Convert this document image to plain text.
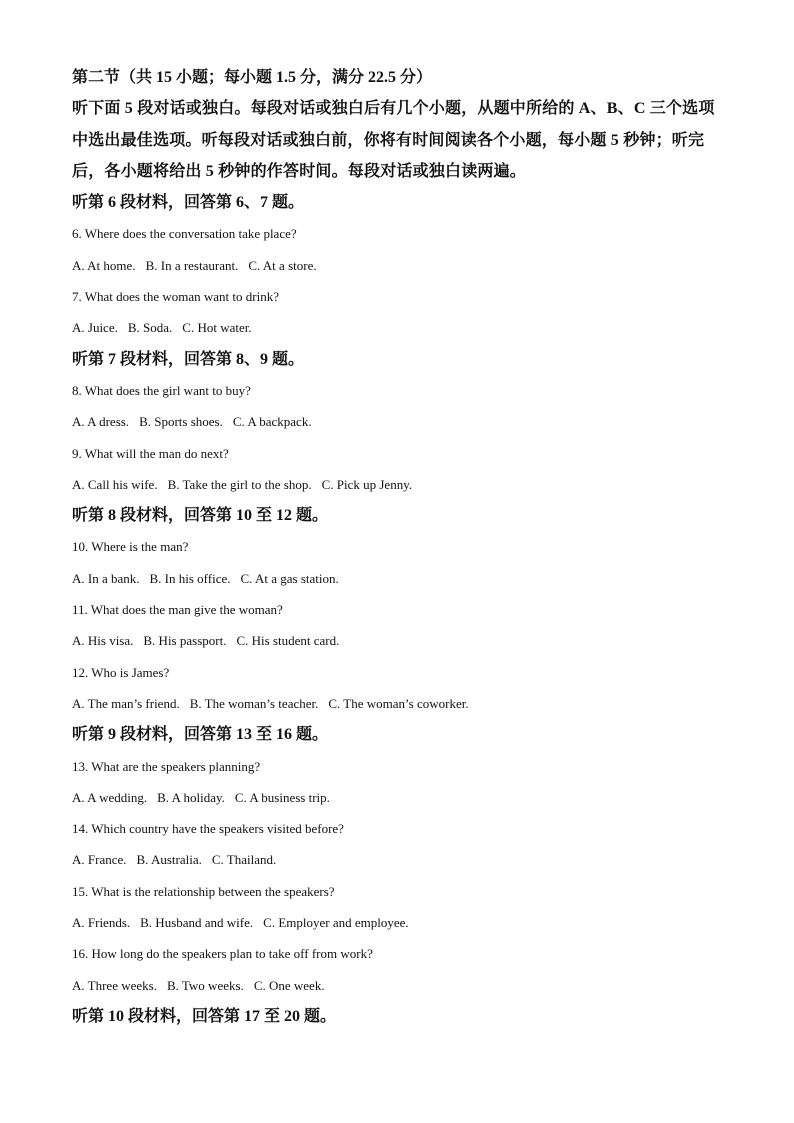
第二节（共 15 小题；每小题 1.5 分，满分 22.5 分）
听下面 5 段对话或独白。每段对话或独白后有几个小题，从题中所给的 A、B、C 三个选项
中选出最佳选项。听每段对话或独白前，你将有时间阅读各个小题，每小题 5 秒钟；听完
后，各小题将给出 5 秒钟的作答时间。每段对话或独白读两遍。
听第 6 段材料，回答第 6、7 题。
6. Where does the conversation take place?
A. At home. B. In a restaurant. C. At a store.
7. What does the woman want to drink?
A. Juice. B. Soda. C. Hot water.
听第 7 段材料，回答第 8、9 题。
8. What does the girl want to buy?
A. A dress. B. Sports shoes. C. A backpack.
9. What will the man do next?
A. Call his wife. B. Take the girl to the shop. C. Pick up Jenny.
听第 8 段材料，回答第 10 至 12 题。
10. Where is the man?
A. In a bank. B. In his office. C. At a gas station.
11. What does the man give the woman?
A. His visa. B. His passport. C. His student card.
12. Who is James?
A. The man’s friend. B. The woman’s teacher. C. The woman’s coworker.
听第 9 段材料，回答第 13 至 16 题。
13. What are the speakers planning?
A. A wedding. B. A holiday. C. A business trip.
14. Which country have the speakers visited before?
A. France. B. Australia. C. Thailand.
15. What is the relationship between the speakers?
A. Friends. B. Husband and wife. C. Employer and employee.
16. How long do the speakers plan to take off from work?
A. Three weeks. B. Two weeks. C. One week.
听第 10 段材料，回答第 17 至 20 题。
